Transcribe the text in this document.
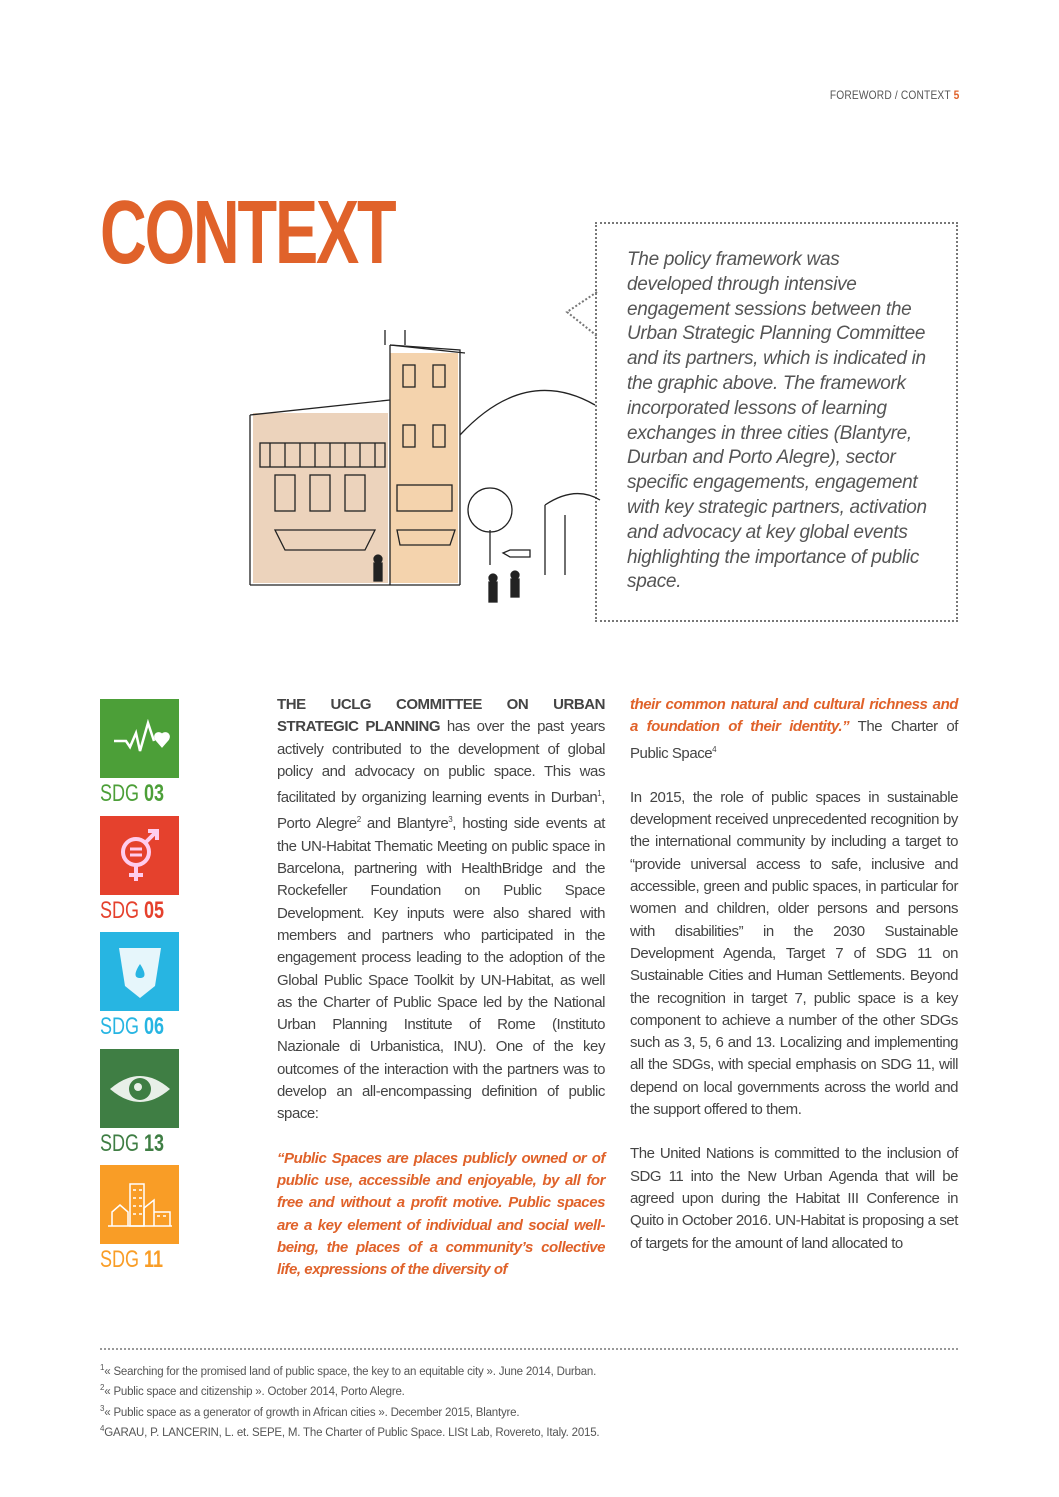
FOREWORD / CONTEXT 5
CONTEXT	The policy framework was developed through intensive engagement sessions between the Urban Strategic Planning Committee and its partners, which is indicated in the graphic above. The framework incorporated lessons of learning exchanges in three cities (Blantyre, Durban and Porto Alegre), sector specific engagements, engagement with key strategic partners, activation and advocacy at key global events highlighting the importance of public space.
SDG 03
SDG 05
SDG 06
SDG 13
SDG 11

THE UCLG COMMITTEE ON URBAN STRATEGIC PLANNING has over the past years actively contributed to the development of global policy and advocacy on public space. This was facilitated by organizing learning events in Durban$^1$, Porto Alegre$^2$ and Blantyre$^3$, hosting side events at the UN-Habitat Thematic Meeting on public space in Barcelona, partnering with HealthBridge and the Rockefeller Foundation on Public Space Development. Key inputs were also shared with members and partners who participated in the engagement process leading to the adoption of the Global Public Space Toolkit by UN-Habitat, as well as the Charter of Public Space led by the National Urban Planning Institute of Rome (Instituto Nazionale di Urbanistica, INU). One of the key outcomes of the interaction with the partners was to develop an all-encompassing definition of public space:

“Public Spaces are places publicly owned or of public use, accessible and enjoyable, by all for free and without a profit motive. Public spaces are a key element of individual and social well-being, the places of a community’s collective life, expressions of the diversity of

their common natural and cultural richness and a foundation of their identity.” The Charter of Public Space$^4$

In 2015, the role of public spaces in sustainable development received unprecedented recognition by the international community by including a target to “provide universal access to safe, inclusive and accessible, green and public spaces, in particular for women and children, older persons and persons with disabilities” in the 2030 Sustainable Development Agenda, Target 7 of SDG 11 on Sustainable Cities and Human Settlements. Beyond the recognition in target 7, public space is a key component to achieve a number of the other SDGs such as 3, 5, 6 and 13. Localizing and implementing all the SDGs, with special emphasis on SDG 11, will depend on local governments across the world and the support offered to them.

The United Nations is committed to the inclusion of SDG 11 into the New Urban Agenda that will be agreed upon during the Habitat III Conference in Quito in October 2016. UN-Habitat is proposing a set of targets for the amount of land allocated to

$^1$« Searching for the promised land of public space, the key to an equitable city ». June 2014, Durban.
$^2$« Public space and citizenship ». October 2014, Porto Alegre.
$^3$« Public space as a generator of growth in African cities ». December 2015, Blantyre.
$^4$GARAU, P. LANCERIN, L. et. SEPE, M. The Charter of Public Space. LISt Lab, Rovereto, Italy. 2015.
